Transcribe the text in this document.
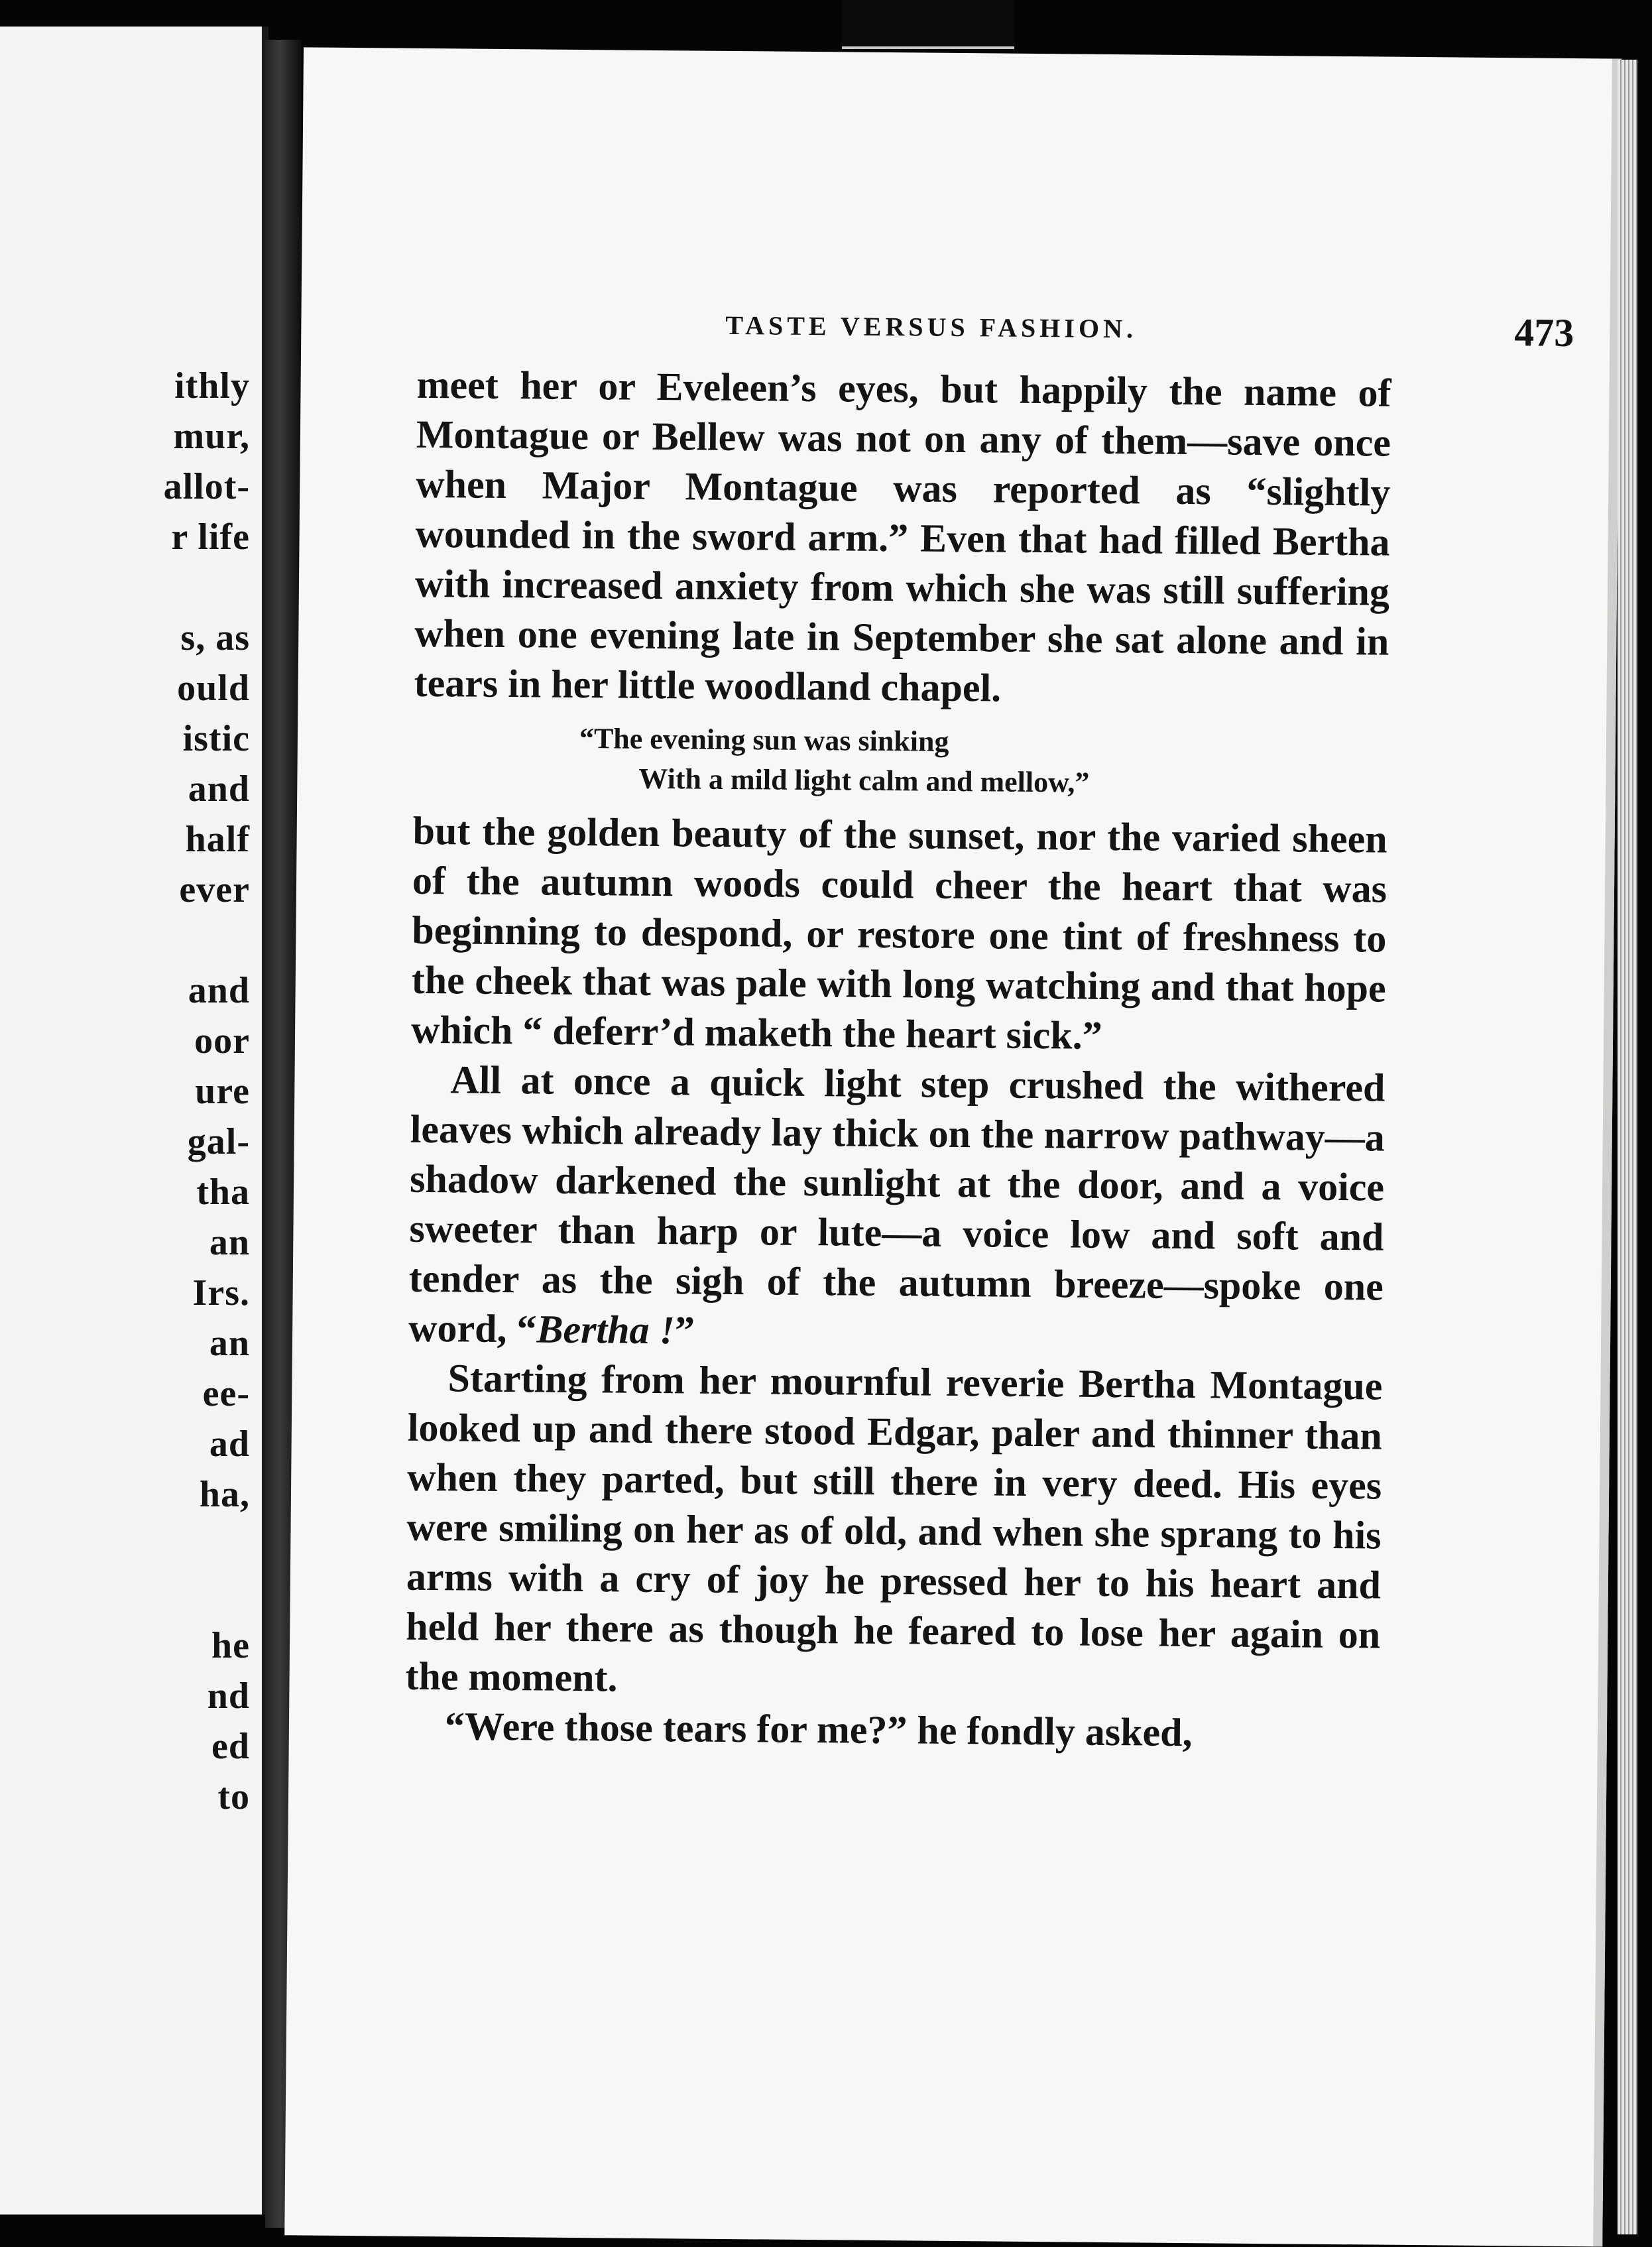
ithly
mur,
allot-
r life
s, as
ould
istic
and
half
ever
and
oor
ure
gal-
tha
an
Irs.
an
ee-
ad
ha,
he
nd
ed
to
TASTE VERSUS FASHION.	473

meet her or Eveleen’s eyes, but happily the name of Montague or Bellew was not on any of them—save once when Major Montague was reported as “slightly wounded in the sword arm.” Even that had filled Bertha with increased anxiety from which she was still suffering when one evening late in September she sat alone and in tears in her little woodland chapel.

“The evening sun was sinking
With a mild light calm and mellow,”

but the golden beauty of the sunset, nor the varied sheen of the autumn woods could cheer the heart that was beginning to despond, or restore one tint of freshness to the cheek that was pale with long watching and that hope which “ deferr’d maketh the heart sick.”

All at once a quick light step crushed the withered leaves which already lay thick on the narrow pathway—a shadow darkened the sunlight at the door, and a voice sweeter than harp or lute—a voice low and soft and tender as the sigh of the autumn breeze—spoke one word, “Bertha !”

Starting from her mournful reverie Bertha Montague looked up and there stood Edgar, paler and thinner than when they parted, but still there in very deed. His eyes were smiling on her as of old, and when she sprang to his arms with a cry of joy he pressed her to his heart and held her there as though he feared to lose her again on the moment.

“Were those tears for me?” he fondly asked,
